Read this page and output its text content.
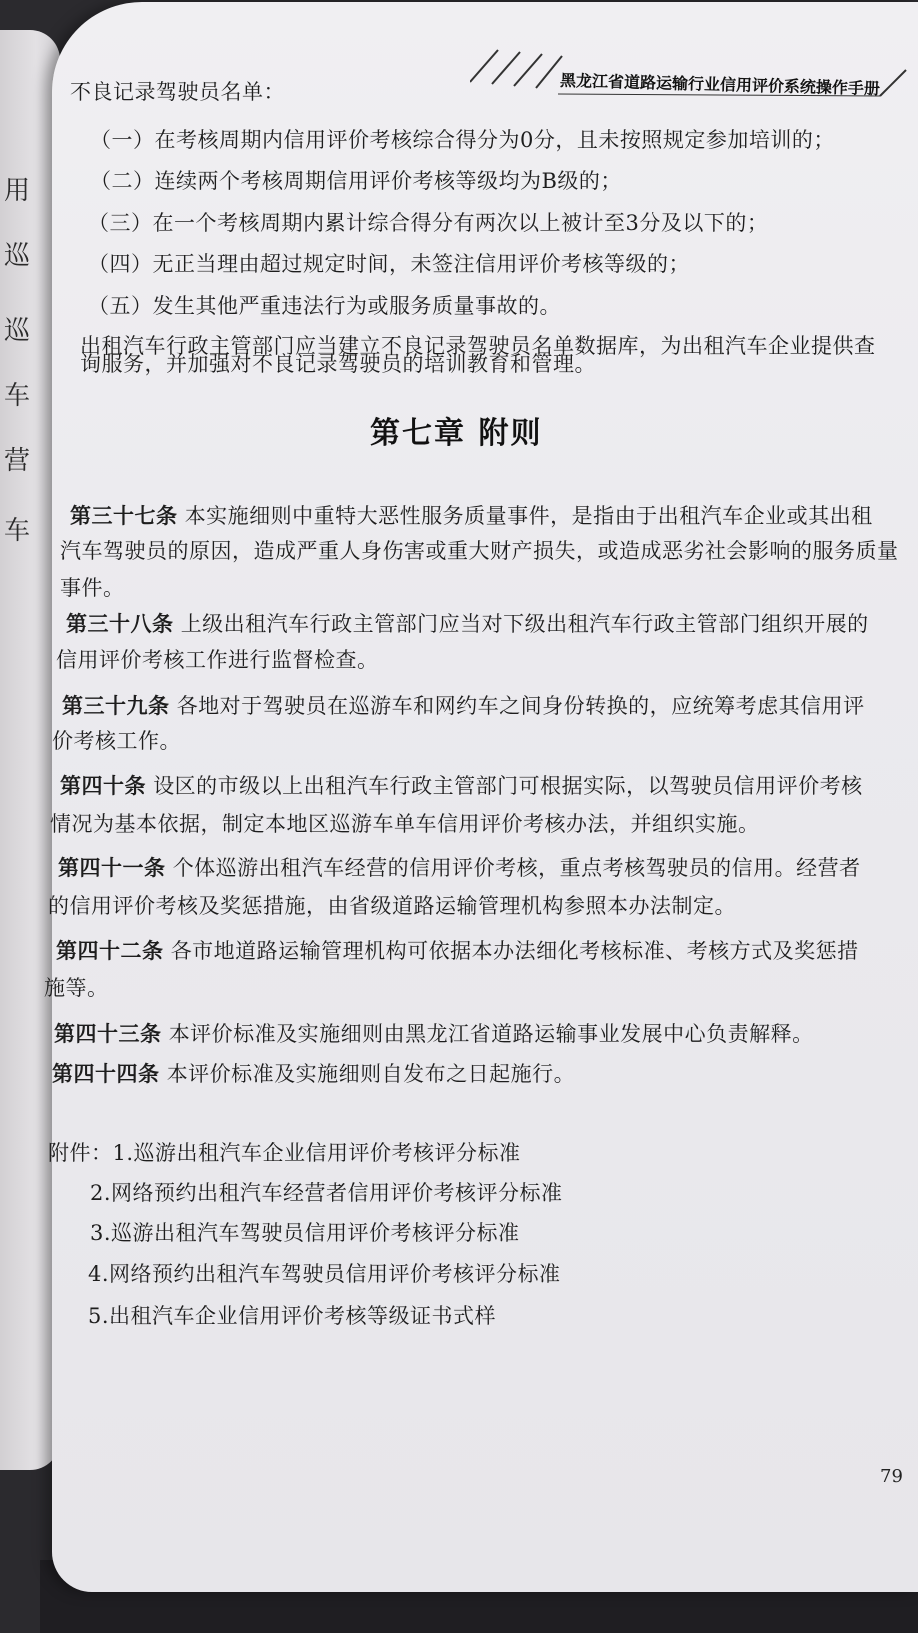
用
巡
巡
车
营
车
黑龙江省道路运输行业信用评价系统操作手册
不良记录驾驶员名单：
（一）在考核周期内信用评价考核综合得分为0分，且未按照规定参加培训的；
（二）连续两个考核周期信用评价考核等级均为B级的；
（三）在一个考核周期内累计综合得分有两次以上被计至3分及以下的；
（四）无正当理由超过规定时间，未签注信用评价考核等级的；
（五）发生其他严重违法行为或服务质量事故的。
出租汽车行政主管部门应当建立不良记录驾驶员名单数据库，为出租汽车企业提供查
询服务，并加强对不良记录驾驶员的培训教育和管理。
第七章 附则
第三十七条 本实施细则中重特大恶性服务质量事件，是指由于出租汽车企业或其出租
汽车驾驶员的原因，造成严重人身伤害或重大财产损失，或造成恶劣社会影响的服务质量
事件。
第三十八条 上级出租汽车行政主管部门应当对下级出租汽车行政主管部门组织开展的
信用评价考核工作进行监督检查。
第三十九条 各地对于驾驶员在巡游车和网约车之间身份转换的，应统筹考虑其信用评
价考核工作。
第四十条 设区的市级以上出租汽车行政主管部门可根据实际，以驾驶员信用评价考核
情况为基本依据，制定本地区巡游车单车信用评价考核办法，并组织实施。
第四十一条 个体巡游出租汽车经营的信用评价考核，重点考核驾驶员的信用。经营者
的信用评价考核及奖惩措施，由省级道路运输管理机构参照本办法制定。
第四十二条 各市地道路运输管理机构可依据本办法细化考核标准、考核方式及奖惩措
施等。
第四十三条 本评价标准及实施细则由黑龙江省道路运输事业发展中心负责解释。
第四十四条 本评价标准及实施细则自发布之日起施行。
附件：1.巡游出租汽车企业信用评价考核评分标准
2.网络预约出租汽车经营者信用评价考核评分标准
3.巡游出租汽车驾驶员信用评价考核评分标准
4.网络预约出租汽车驾驶员信用评价考核评分标准
5.出租汽车企业信用评价考核等级证书式样
79
